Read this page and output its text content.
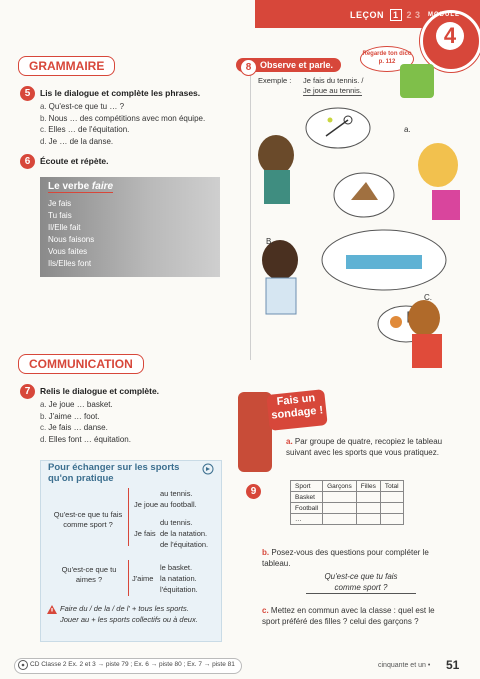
LEÇON 1 2 3 MODULE
4
GRAMMAIRE
5	Lis le dialogue et complète les phrases.
a. Qu'est-ce que tu … ?
b. Nous … des compétitions avec mon équipe.
c. Elles … de l'équitation.
d. Je … de la danse.
6	Écoute et répète.
Le verbe faire
Je fais
Tu fais
Il/Elle fait
Nous faisons
Vous faites
Ils/Elles font
COMMUNICATION
7	Relis le dialogue et complète.
a. Je joue … basket.
b. J'aime … foot.
c. Je fais … danse.
d. Elles font … équitation.
Pour échanger sur les sports
qu'on pratique
Qu'est-ce que tu fais comme sport ?
Je joue
au tennis.
au football.
Je fais
du tennis.
de la natation.
de l'équitation.
Qu'est-ce que tu aimes ?	J'aime
le basket.
la natation.
l'équitation.
Faire du / de la / de l' + tous les sports.
Jouer au + les sports collectifs ou à deux.
Observe et parle.
8
Exemple : Je fais du tennis. /
Je joue au tennis.
Regarde ton dico p. 112
a.
B.
C.
Fais un
sondage !
9
a. Par groupe de quatre, recopiez le tableau suivant avec les sports que vous pratiquez.
Sport	Garçons	Filles	Total
Basket			
Football			
…			
b. Posez-vous des questions pour compléter le tableau.
Qu'est-ce que tu fais
comme sport ?
c. Mettez en commun avec la classe : quel est le sport préféré des filles ? celui des garçons ?
CD Classe 2 Ex. 2 et 3 → piste 79 ; Ex. 6 → piste 80 ; Ex. 7 → piste 81	cinquante et un • 51
